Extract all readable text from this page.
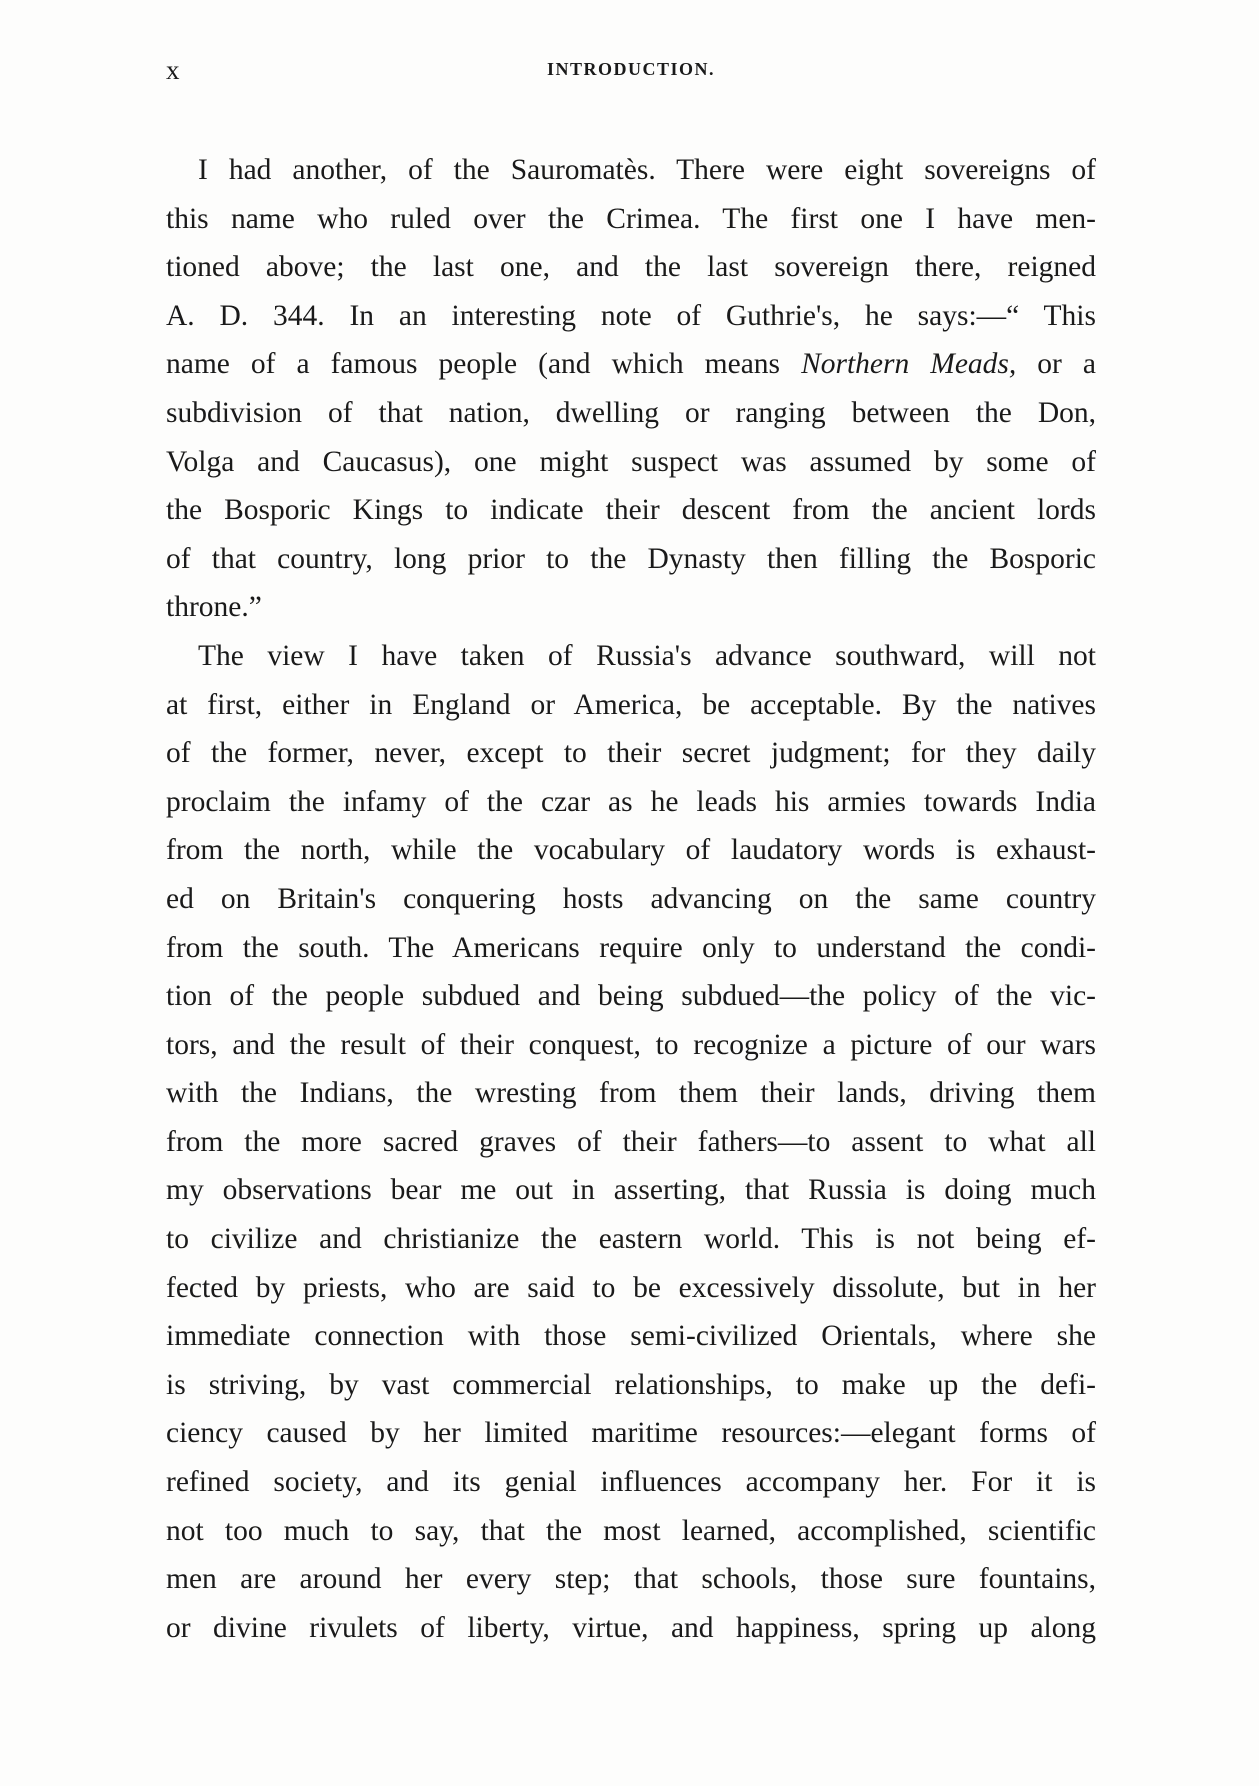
x	INTRODUCTION.
I had another, of the Sauromatès. There were eight sovereigns of
this name who ruled over the Crimea. The first one I have men-
tioned above; the last one, and the last sovereign there, reigned
A. D. 344. In an interesting note of Guthrie's, he says:—“ This
name of a famous people (and which means Northern Meads, or a
subdivision of that nation, dwelling or ranging between the Don,
Volga and Caucasus), one might suspect was assumed by some of
the Bosporic Kings to indicate their descent from the ancient lords
of that country, long prior to the Dynasty then filling the Bosporic
throne.”
The view I have taken of Russia's advance southward, will not
at first, either in England or America, be acceptable. By the natives
of the former, never, except to their secret judgment; for they daily
proclaim the infamy of the czar as he leads his armies towards India
from the north, while the vocabulary of laudatory words is exhaust-
ed on Britain's conquering hosts advancing on the same country
from the south. The Americans require only to understand the condi-
tion of the people subdued and being subdued—the policy of the vic-
tors, and the result of their conquest, to recognize a picture of our wars
with the Indians, the wresting from them their lands, driving them
from the more sacred graves of their fathers—to assent to what all
my observations bear me out in asserting, that Russia is doing much
to civilize and christianize the eastern world. This is not being ef-
fected by priests, who are said to be excessively dissolute, but in her
immediate connection with those semi-civilized Orientals, where she
is striving, by vast commercial relationships, to make up the defi-
ciency caused by her limited maritime resources:—elegant forms of
refined society, and its genial influences accompany her. For it is
not too much to say, that the most learned, accomplished, scientific
men are around her every step; that schools, those sure fountains,
or divine rivulets of liberty, virtue, and happiness, spring up along
